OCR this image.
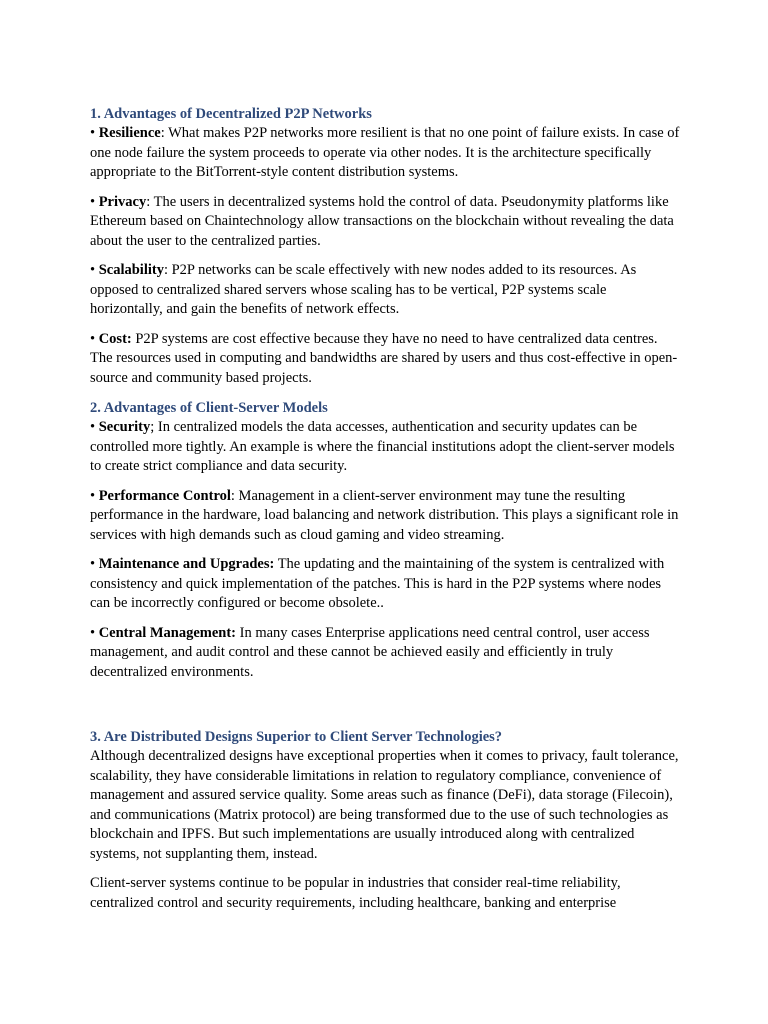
1. Advantages of Decentralized P2P Networks

• Resilience: What makes P2P networks more resilient is that no one point of failure exists. In case of one node failure the system proceeds to operate via other nodes. It is the architecture specifically appropriate to the BitTorrent-style content distribution systems.

• Privacy: The users in decentralized systems hold the control of data. Pseudonymity platforms like Ethereum based on Chaintechnology allow transactions on the blockchain without revealing the data about the user to the centralized parties.

• Scalability: P2P networks can be scale effectively with new nodes added to its resources. As opposed to centralized shared servers whose scaling has to be vertical, P2P systems scale horizontally, and gain the benefits of network effects.

• Cost: P2P systems are cost effective because they have no need to have centralized data centres. The resources used in computing and bandwidths are shared by users and thus cost-effective in open-source and community based projects.

2. Advantages of Client-Server Models

• Security; In centralized models the data accesses, authentication and security updates can be controlled more tightly. An example is where the financial institutions adopt the client-server models to create strict compliance and data security.

• Performance Control: Management in a client-server environment may tune the resulting performance in the hardware, load balancing and network distribution. This plays a significant role in services with high demands such as cloud gaming and video streaming.

• Maintenance and Upgrades: The updating and the maintaining of the system is centralized with consistency and quick implementation of the patches. This is hard in the P2P systems where nodes can be incorrectly configured or become obsolete..

• Central Management: In many cases Enterprise applications need central control, user access management, and audit control and these cannot be achieved easily and efficiently in truly decentralized environments.

3. Are Distributed Designs Superior to Client Server Technologies?

Although decentralized designs have exceptional properties when it comes to privacy, fault tolerance, scalability, they have considerable limitations in relation to regulatory compliance, convenience of management and assured service quality. Some areas such as finance (DeFi), data storage (Filecoin), and communications (Matrix protocol) are being transformed due to the use of such technologies as blockchain and IPFS. But such implementations are usually introduced along with centralized systems, not supplanting them, instead.

Client-server systems continue to be popular in industries that consider real-time reliability, centralized control and security requirements, including healthcare, banking and enterprise
